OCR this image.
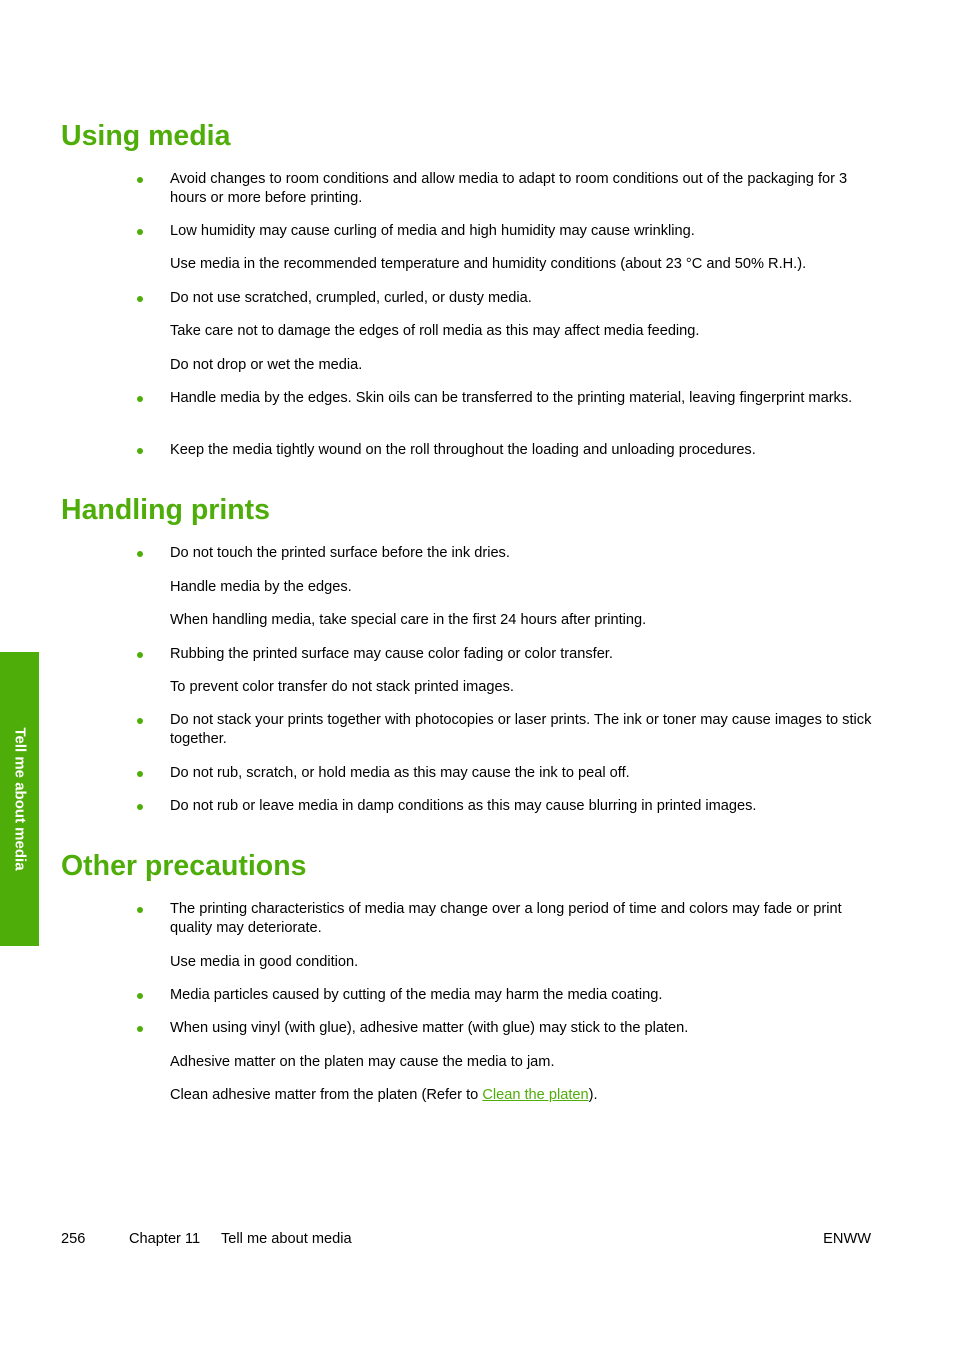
Tell me about media
Using media

Avoid changes to room conditions and allow media to adapt to room conditions out of the packaging for 3 hours or more before printing.

Low humidity may cause curling of media and high humidity may cause wrinkling.

Use media in the recommended temperature and humidity conditions (about 23 °C and 50% R.H.).

Do not use scratched, crumpled, curled, or dusty media.

Take care not to damage the edges of roll media as this may affect media feeding.

Do not drop or wet the media.

Handle media by the edges. Skin oils can be transferred to the printing material, leaving fingerprint marks.

Keep the media tightly wound on the roll throughout the loading and unloading procedures.

Handling prints

Do not touch the printed surface before the ink dries.

Handle media by the edges.

When handling media, take special care in the first 24 hours after printing.

Rubbing the printed surface may cause color fading or color transfer.

To prevent color transfer do not stack printed images.

Do not stack your prints together with photocopies or laser prints. The ink or toner may cause images to stick together.

Do not rub, scratch, or hold media as this may cause the ink to peal off.

Do not rub or leave media in damp conditions as this may cause blurring in printed images.

Other precautions

The printing characteristics of media may change over a long period of time and colors may fade or print quality may deteriorate.

Use media in good condition.

Media particles caused by cutting of the media may harm the media coating.

When using vinyl (with glue), adhesive matter (with glue) may stick to the platen.

Adhesive matter on the platen may cause the media to jam.

Clean adhesive matter from the platen (Refer to Clean the platen).

256	Chapter 11 Tell me about media	ENWW
